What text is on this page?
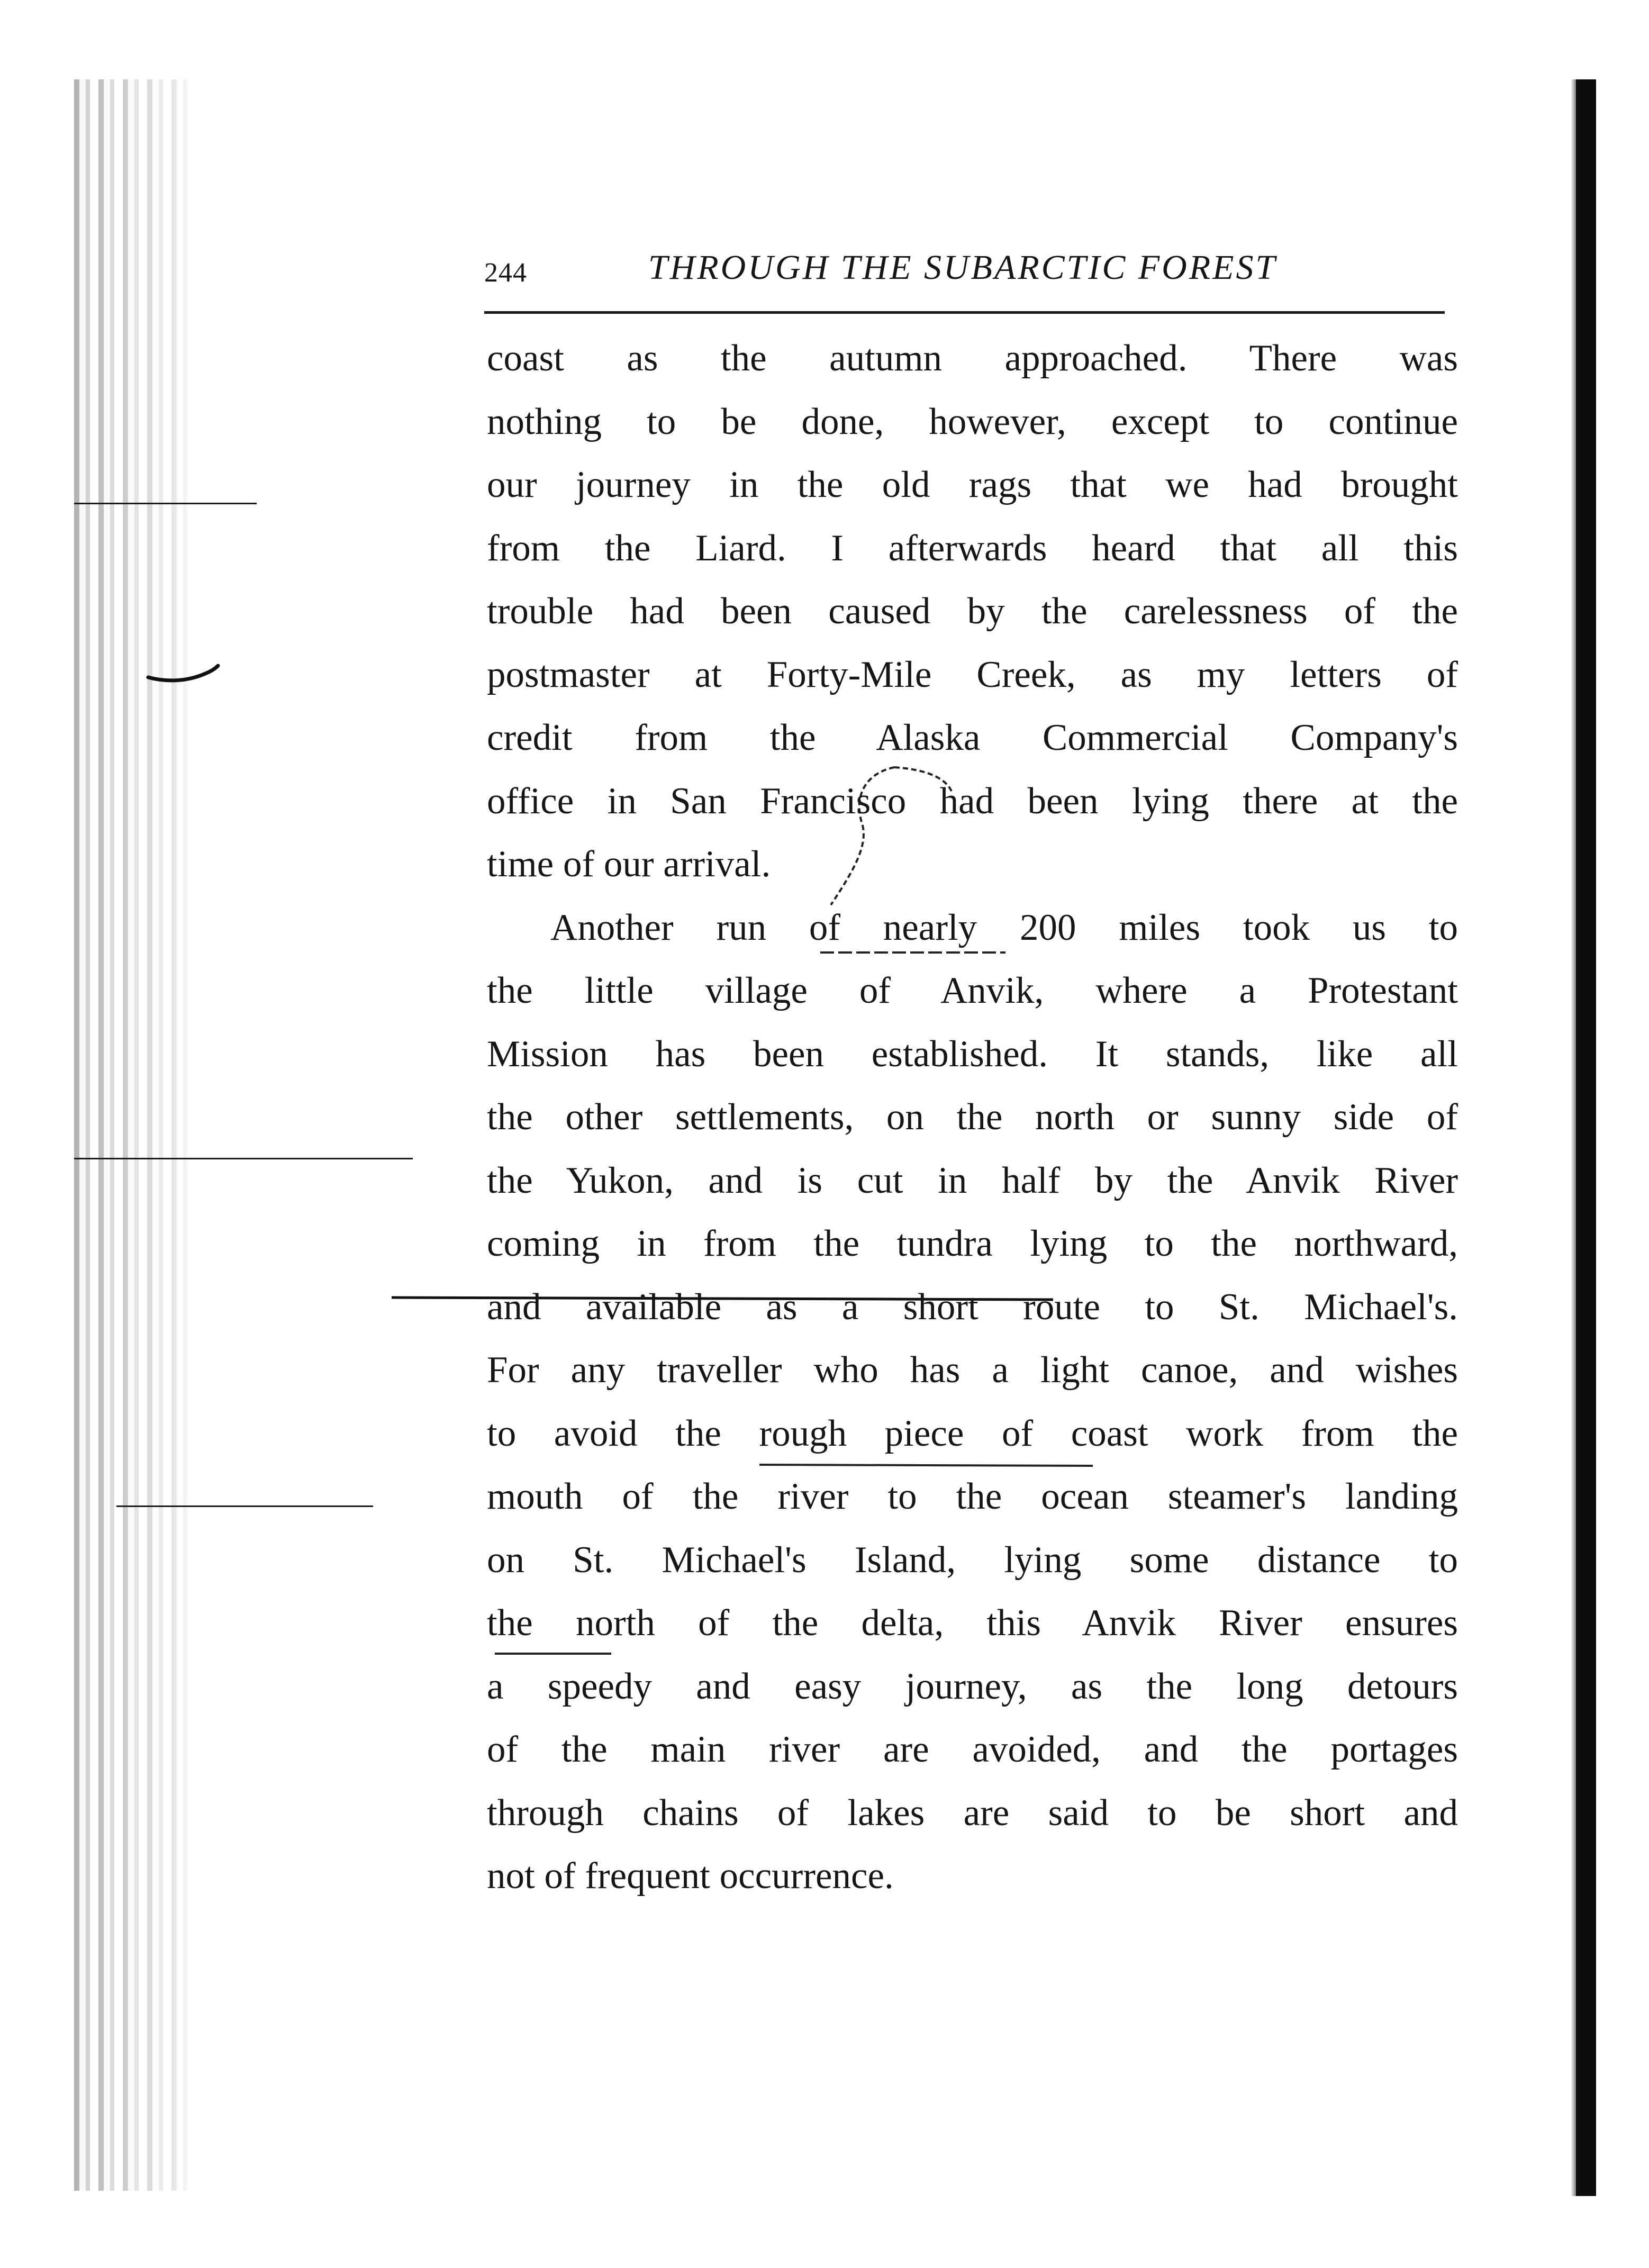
244	THROUGH THE SUBARCTIC FOREST
coast as the autumn approached. There was
nothing to be done, however, except to continue
our journey in the old rags that we had brought
from the Liard. I afterwards heard that all this
trouble had been caused by the carelessness of the
postmaster at Forty-Mile Creek, as my letters of
credit from the Alaska Commercial Company's
office in San Francisco had been lying there at the
time of our arrival.
Another run of nearly 200 miles took us to
the little village of Anvik, where a Protestant
Mission has been established. It stands, like all
the other settlements, on the north or sunny side of
the Yukon, and is cut in half by the Anvik River
coming in from the tundra lying to the northward,
and available as a short route to St. Michael's.
For any traveller who has a light canoe, and wishes
to avoid the rough piece of coast work from the
mouth of the river to the ocean steamer's landing
on St. Michael's Island, lying some distance to
the north of the delta, this Anvik River ensures
a speedy and easy journey, as the long detours
of the main river are avoided, and the portages
through chains of lakes are said to be short and
not of frequent occurrence.
